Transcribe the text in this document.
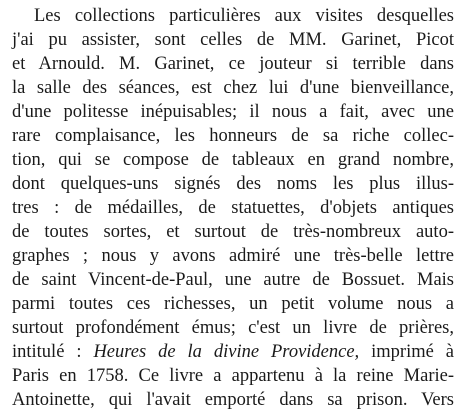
Les collections particulières aux visites desquelles
j'ai pu assister, sont celles de MM. Garinet, Picot
et Arnould. M. Garinet, ce jouteur si terrible dans
la salle des séances, est chez lui d'une bienveillance,
d'une politesse inépuisables; il nous a fait, avec une
rare complaisance, les honneurs de sa riche collec-
tion, qui se compose de tableaux en grand nombre,
dont quelques-uns signés des noms les plus illus-
tres : de médailles, de statuettes, d'objets antiques
de toutes sortes, et surtout de très-nombreux auto-
graphes ; nous y avons admiré une très-belle lettre
de saint Vincent-de-Paul, une autre de Bossuet. Mais
parmi toutes ces richesses, un petit volume nous a
surtout profondément émus; c'est un livre de prières,
intitulé : Heures de la divine Providence, imprimé à
Paris en 1758. Ce livre a appartenu à la reine Marie-
Antoinette, qui l'avait emporté dans sa prison. Vers
